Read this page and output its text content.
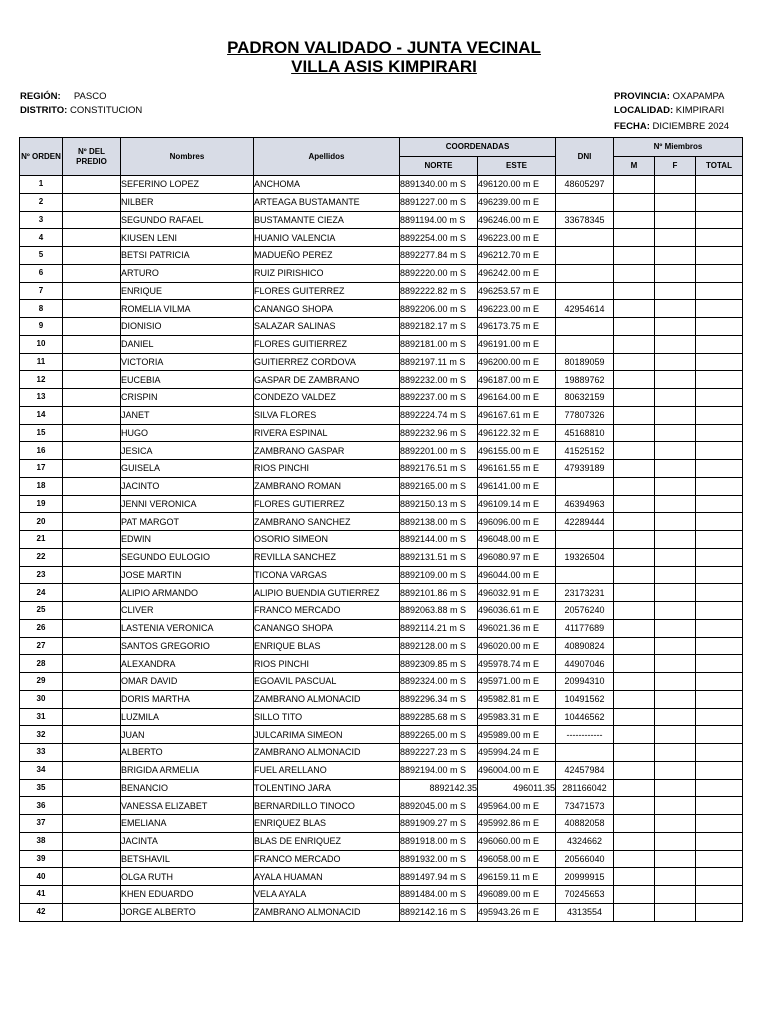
PADRON VALIDADO - JUNTA VECINAL
VILLA ASIS KIMPIRARI
REGIÓN: PASCO
DISTRITO: CONSTITUCION
PROVINCIA: OXAPAMPA
LOCALIDAD: KIMPIRARI
FECHA: DICIEMBRE 2024
Nº ORDEN	Nº DEL PREDIO	Nombres	Apellidos	COORDENADAS		DNI	Nº Miembros		
				NORTE	ESTE		M	F	TOTAL
1		SEFERINO LOPEZ	ANCHOMA	8891340.00 m S	496120.00 m E	48605297			
2		NILBER	ARTEAGA BUSTAMANTE	8891227.00 m S	496239.00 m E				
3		SEGUNDO RAFAEL	BUSTAMANTE CIEZA	8891194.00 m S	496246.00 m E	33678345			
4		KIUSEN LENI	HUANIO VALENCIA	8892254.00 m S	496223.00 m E				
5		BETSI PATRICIA	MADUEÑO PEREZ	8892277.84 m S	496212.70 m E				
6		ARTURO	RUIZ PIRISHICO	8892220.00 m S	496242.00 m E				
7		ENRIQUE	FLORES GUITERREZ	8892222.82 m S	496253.57 m E				
8		ROMELIA VILMA	CANANGO SHOPA	8892206.00 m S	496223.00 m E	42954614			
9		DIONISIO	SALAZAR SALINAS	8892182.17 m S	496173.75 m E				
10		DANIEL	FLORES GUITIERREZ	8892181.00 m S	496191.00 m E				
11		VICTORIA	GUITIERREZ CORDOVA	8892197.11 m S	496200.00 m E	80189059			
12		EUCEBIA	GASPAR DE ZAMBRANO	8892232.00 m S	496187.00 m E	19889762			
13		CRISPIN	CONDEZO VALDEZ	8892237.00 m S	496164.00 m E	80632159			
14		JANET	SILVA FLORES	8892224.74 m S	496167.61 m E	77807326			
15		HUGO	RIVERA ESPINAL	8892232.96 m S	496122.32 m E	45168810			
16		JESICA	ZAMBRANO GASPAR	8892201.00 m S	496155.00 m E	41525152			
17		GUISELA	RIOS PINCHI	8892176.51 m S	496161.55 m E	47939189			
18		JACINTO	ZAMBRANO ROMAN	8892165.00 m S	496141.00 m E				
19		JENNI VERONICA	FLORES GUTIERREZ	8892150.13 m S	496109.14 m E	46394963			
20		PAT MARGOT	ZAMBRANO SANCHEZ	8892138.00 m S	496096.00 m E	42289444			
21		EDWIN	OSORIO SIMEON	8892144.00 m S	496048.00 m E				
22		SEGUNDO EULOGIO	REVILLA SANCHEZ	8892131.51 m S	496080.97 m E	19326504			
23		JOSE MARTIN	TICONA VARGAS	8892109.00 m S	496044.00 m E				
24		ALIPIO ARMANDO	ALIPIO BUENDIA GUTIERREZ	8892101.86 m S	496032.91 m E	23173231			
25		CLIVER	FRANCO MERCADO	8892063.88 m S	496036.61 m E	20576240			
26		LASTENIA VERONICA	CANANGO SHOPA	8892114.21 m S	496021.36 m E	41177689			
27		SANTOS GREGORIO	ENRIQUE BLAS	8892128.00 m S	496020.00 m E	40890824			
28		ALEXANDRA	RIOS PINCHI	8892309.85 m S	495978.74 m E	44907046			
29		OMAR DAVID	EGOAVIL PASCUAL	8892324.00 m S	495971.00 m E	20994310			
30		DORIS MARTHA	ZAMBRANO ALMONACID	8892296.34 m S	495982.81 m E	10491562			
31		LUZMILA	SILLO TITO	8892285.68 m S	495983.31 m E	10446562			
32		JUAN	JULCARIMA SIMEON	8892265.00 m S	495989.00 m E	------------			
33		ALBERTO	ZAMBRANO ALMONACID	8892227.23 m S	495994.24 m E				
34		BRIGIDA ARMELIA	FUEL ARELLANO	8892194.00 m S	496004.00 m E	42457984			
35		BENANCIO	TOLENTINO JARA	8892142.35	496011.35	281166042			
36		VANESSA ELIZABET	BERNARDILLO TINOCO	8892045.00 m S	495964.00 m E	73471573			
37		EMELIANA	ENRIQUEZ BLAS	8891909.27 m S	495992.86 m E	40882058			
38		JACINTA	BLAS DE ENRIQUEZ	8891918.00 m S	496060.00 m E	4324662			
39		BETSHAVIL	FRANCO MERCADO	8891932.00 m S	496058.00 m E	20566040			
40		OLGA RUTH	AYALA HUAMAN	8891497.94 m S	496159.11 m E	20999915			
41		KHEN EDUARDO	VELA AYALA	8891484.00 m S	496089.00 m E	70245653			
42		JORGE ALBERTO	ZAMBRANO ALMONACID	8892142.16 m S	495943.26 m E	4313554			
